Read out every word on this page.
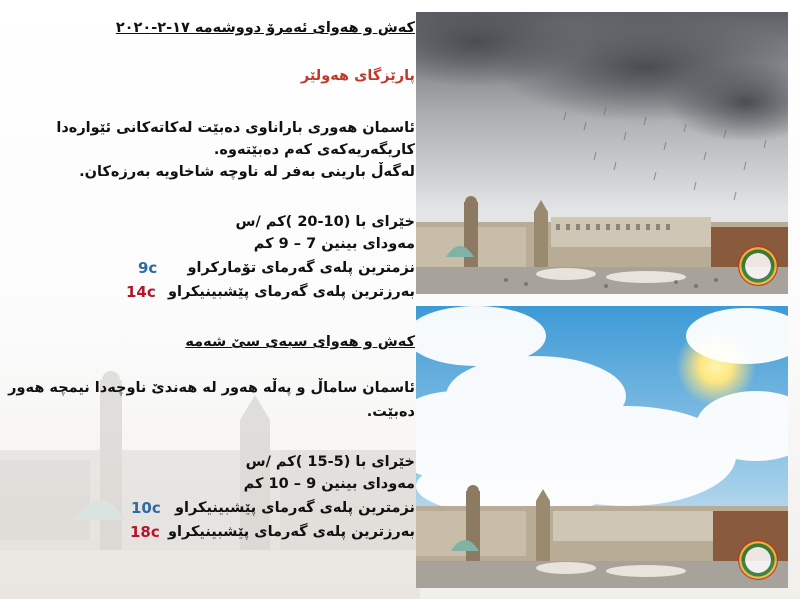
کەش و هەوای ئەمرۆ دووشەمە ١٧-٢-٢٠٢٠
پارێزگای هەولێر
ئاسمان هەوری باراناوی دەبێت لەکاتەکانی ئێوارەدا
کاریگەریەکەی کەم دەبێتەوە.
لەگەڵ بارینی بەفر لە ناوچە شاخاویە بەرزەکان.
خێرای با (10-20 )کم /س
مەودای بینین 7 – 9 کم
نزمترین پلەی گەرمای تۆمارکراو
بەرزترین پلەی گەرمای پێشبینیکراو
9c
14c
کەش و هەوای سبەی سێ شەمە
ئاسمان ساماڵ و پەڵە هەور لە هەندێ ناوچەدا نیمچە هەور
دەبێت.
خێرای با (5-15 )کم /س
مەودای بینین 9 – 10 کم
نزمترین پلەی گەرمای پێشبینیکراو
بەرزترین پلەی گەرمای پێشبینیکراو
10c
18c
